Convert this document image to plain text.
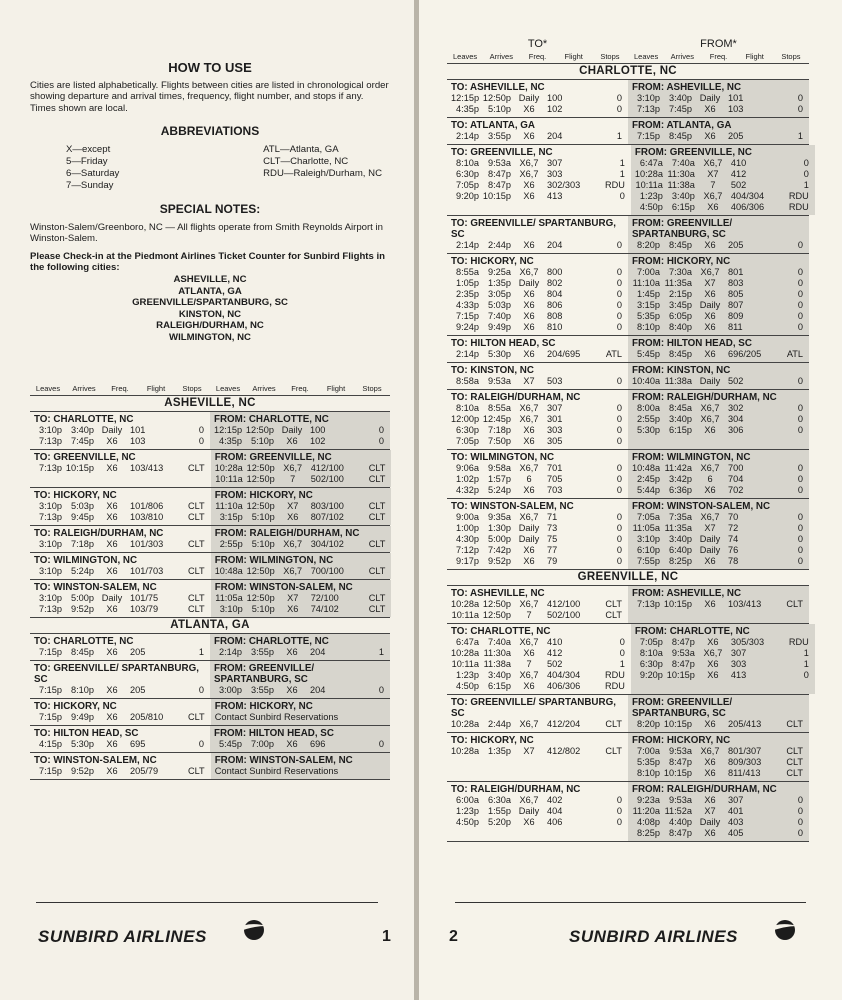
HOW TO USE
Cities are listed alphabetically. Flights between cities are listed in chronological order showing departure and arrival times, frequency, flight number, and stops if any. Times shown are local.
ABBREVIATIONS
X—except
5—Friday
6—Saturday
7—Sunday
ATL—Atlanta, GA
CLT—Charlotte, NC
RDU—Raleigh/Durham, NC
SPECIAL NOTES:
Winston-Salem/Greenboro, NC — All flights operate from Smith Reynolds Airport in Winston-Salem.
Please Check-in at the Piedmont Airlines Ticket Counter for Sunbird Flights in the following cities:
ASHEVILLE, NC
ATLANTA, GA
GREENVILLE/SPARTANBURG, SC
KINSTON, NC
RALEIGH/DURHAM, NC
WILMINGTON, NC
Leaves	Arrives	Freq.	Flight	Stops	Leaves	Arrives	Freq.	Flight	Stops
ASHEVILLE, NC
TO: CHARLOTTE, NC
3:10p 3:40p Daily 101	0
7:13p 7:45p	X6	103	0
FROM: CHARLOTTE, NC
12:15p 12:50p Daily 100	0
4:35p 5:10p	X6	102	0
TO: GREENVILLE, NC
7:13p 10:15p	X6	103/413	CLT
FROM: GREENVILLE, NC
10:28a 12:50p X6,7 412/100	CLT
10:11a 12:50p	7	502/100	CLT
TO: HICKORY, NC
3:10p 5:03p	X6	101/806	CLT
7:13p 9:45p	X6	103/810	CLT
FROM: HICKORY, NC
11:10a 12:50p	X7	803/100	CLT
3:15p 5:10p	X6	807/102	CLT
TO: RALEIGH/DURHAM, NC
3:10p 7:18p	X6	101/303	CLT
FROM: RALEIGH/DURHAM, NC
2:55p 5:10p X6,7 304/102	CLT
TO: WILMINGTON, NC
3:10p 5:24p	X6	101/703	CLT
FROM: WILMINGTON, NC
10:48a 12:50p X6,7 700/100	CLT
TO: WINSTON-SALEM, NC
3:10p 5:00p Daily 101/75	CLT
7:13p 9:52p	X6	103/79	CLT
FROM: WINSTON-SALEM, NC
11:05a 12:50p	X7	72/100	CLT
3:10p 5:10p	X6	74/102	CLT
ATLANTA, GA
TO: CHARLOTTE, NC
7:15p 8:45p	X6	205	1
FROM: CHARLOTTE, NC
2:14p 3:55p	X6	204	1
TO: GREENVILLE/ SPARTANBURG, SC
7:15p 8:10p	X6	205	0
FROM: GREENVILLE/ SPARTANBURG, SC
3:00p 3:55p	X6	204	0
TO: HICKORY, NC
7:15p 9:49p	X6	205/810	CLT
FROM: HICKORY, NC
Contact Sunbird Reservations
TO: HILTON HEAD, SC
4:15p 5:30p	X6	695	0
FROM: HILTON HEAD, SC
5:45p 7:00p	X6	696	0
TO: WINSTON-SALEM, NC
7:15p 9:52p	X6	205/79	CLT
FROM: WINSTON-SALEM, NC
Contact Sunbird Reservations
SUNBIRD AIRLINES	1
TO*	FROM*
Leaves	Arrives	Freq.	Flight	Stops	Leaves	Arrives	Freq.	Flight	Stops
CHARLOTTE, NC
TO: ASHEVILLE, NC
12:15p 12:50p Daily 100	0
4:35p 5:10p	X6	102	0
FROM: ASHEVILLE, NC
3:10p 3:40p Daily 101	0
7:13p 7:45p	X6	103	0
TO: ATLANTA, GA
2:14p 3:55p	X6	204	1
FROM: ATLANTA, GA
7:15p 8:45p	X6	205	1
TO: GREENVILLE, NC
8:10a 9:53a X6,7 307	1
6:30p 8:47p X6,7 303	1
7:05p 8:47p	X6	302/303	RDU
9:20p 10:15p	X6	413	0
FROM: GREENVILLE, NC
6:47a 7:40a X6,7 410	0
10:28a 11:30a	X7	412	0
10:11a 11:38a	7	502	1
1:23p 3:40p X6,7 404/304	RDU
4:50p 6:15p	X6	406/306	RDU
TO: GREENVILLE/ SPARTANBURG, SC
2:14p 2:44p	X6	204	0
FROM: GREENVILLE/ SPARTANBURG, SC
8:20p 8:45p	X6	205	0
TO: HICKORY, NC
8:55a 9:25a X6,7 800	0
1:05p 1:35p Daily 802	0
2:35p 3:05p	X6	804	0
4:33p 5:03p	X6	806	0
7:15p 7:40p	X6	808	0
9:24p 9:49p	X6	810	0
FROM: HICKORY, NC
7:00a 7:30a X6,7 801	0
11:10a 11:35a	X7	803	0
1:45p 2:15p	X6	805	0
3:15p 3:45p Daily 807	0
5:35p 6:05p	X6	809	0
8:10p 8:40p	X6	811	0
TO: HILTON HEAD, SC
2:14p 5:30p	X6	204/695	ATL
FROM: HILTON HEAD, SC
5:45p 8:45p	X6	696/205	ATL
TO: KINSTON, NC
8:58a 9:53a	X7	503	0
FROM: KINSTON, NC
10:40a 11:38a Daily 502	0
TO: RALEIGH/DURHAM, NC
8:10a 8:55a X6,7 307	0
12:00p 12:45p X6,7 301	0
6:30p 7:18p	X6	303	0
7:05p 7:50p	X6	305	0
FROM: RALEIGH/DURHAM, NC
8:00a 8:45a X6,7 302	0
2:55p 3:40p X6,7 304	0
5:30p 6:15p	X6	306	0
TO: WILMINGTON, NC
9:06a 9:58a X6,7 701	0
1:02p 1:57p	6	705	0
4:32p 5:24p	X6	703	0
FROM: WILMINGTON, NC
10:48a 11:42a X6,7 700	0
2:45p 3:42p	6	704	0
5:44p 6:36p	X6	702	0
TO: WINSTON-SALEM, NC
9:00a 9:35a X6,7 71	0
1:00p 1:30p Daily 73	0
4:30p 5:00p Daily 75	0
7:12p 7:42p	X6	77	0
9:17p 9:52p	X6	79	0
FROM: WINSTON-SALEM, NC
7:05a 7:35a X6,7 70	0
11:05a 11:35a	X7	72	0
3:10p 3:40p Daily 74	0
6:10p 6:40p Daily 76	0
7:55p 8:25p	X6	78	0
GREENVILLE, NC
TO: ASHEVILLE, NC
10:28a 12:50p X6,7 412/100	CLT
10:11a 12:50p	7	502/100	CLT
FROM: ASHEVILLE, NC
7:13p 10:15p	X6	103/413	CLT
TO: CHARLOTTE, NC
6:47a 7:40a X6,7 410	0
10:28a 11:30a	X6	412	0
10:11a 11:38a	7	502	1
1:23p 3:40p X6,7 404/304	RDU
4:50p 6:15p	X6	406/306	RDU
FROM: CHARLOTTE, NC
7:05p 8:47p	X6	305/303	RDU
8:10a 9:53a X6,7 307	1
6:30p 8:47p	X6	303	1
9:20p 10:15p	X6	413	0
TO: GREENVILLE/ SPARTANBURG, SC
10:28a 2:44p X6,7 412/204	CLT
FROM: GREENVILLE/ SPARTANBURG, SC
8:20p 10:15p	X6	205/413	CLT
TO: HICKORY, NC
10:28a 1:35p	X7	412/802	CLT
FROM: HICKORY, NC
7:00a 9:53a X6,7 801/307	CLT
5:35p 8:47p	X6	809/303	CLT
8:10p 10:15p	X6	811/413	CLT
TO: RALEIGH/DURHAM, NC
6:00a 6:30a X6,7 402	0
1:23p 1:55p Daily 404	0
4:50p 5:20p	X6	406	0
FROM: RALEIGH/DURHAM, NC
9:23a 9:53a	X6	307	0
11:20a 11:52a	X7	401	0
4:08p 4:40p Daily 403	0
8:25p 8:47p	X6	405	0
2	SUNBIRD AIRLINES
